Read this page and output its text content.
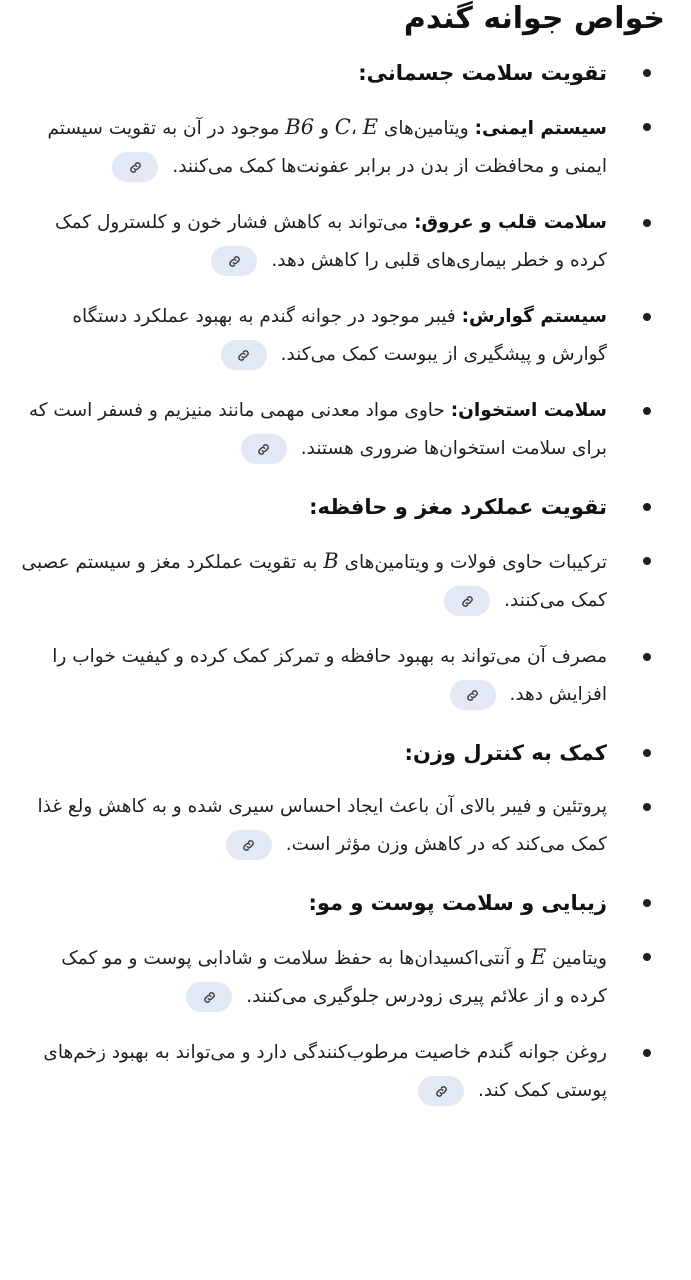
خواص جوانه گندم
تقویت سلامت جسمانی:
سیستم ایمنی: ویتامین‌های C، E و B6 موجود در آن به تقویت سیستم ایمنی و محافظت از بدن در برابر عفونت‌ها کمک می‌کنند.
سلامت قلب و عروق: می‌تواند به کاهش فشار خون و کلسترول کمک کرده و خطر بیماری‌های قلبی را کاهش دهد.
سیستم گوارش: فیبر موجود در جوانه گندم به بهبود عملکرد دستگاه گوارش و پیشگیری از یبوست کمک می‌کند.
سلامت استخوان: حاوی مواد معدنی مهمی مانند منیزیم و فسفر است که برای سلامت استخوان‌ها ضروری هستند.
تقویت عملکرد مغز و حافظه:
ترکیبات حاوی فولات و ویتامین‌های B به تقویت عملکرد مغز و سیستم عصبی کمک می‌کنند.
مصرف آن می‌تواند به بهبود حافظه و تمرکز کمک کرده و کیفیت خواب را افزایش دهد.
کمک به کنترل وزن:
پروتئین و فیبر بالای آن باعث ایجاد احساس سیری شده و به کاهش ولع غذا کمک می‌کند که در کاهش وزن مؤثر است.
زیبایی و سلامت پوست و مو:
ویتامین E و آنتی‌اکسیدان‌ها به حفظ سلامت و شادابی پوست و مو کمک کرده و از علائم پیری زودرس جلوگیری می‌کنند.
روغن جوانه گندم خاصیت مرطوب‌کنندگی دارد و می‌تواند به بهبود زخم‌های پوستی کمک کند.
